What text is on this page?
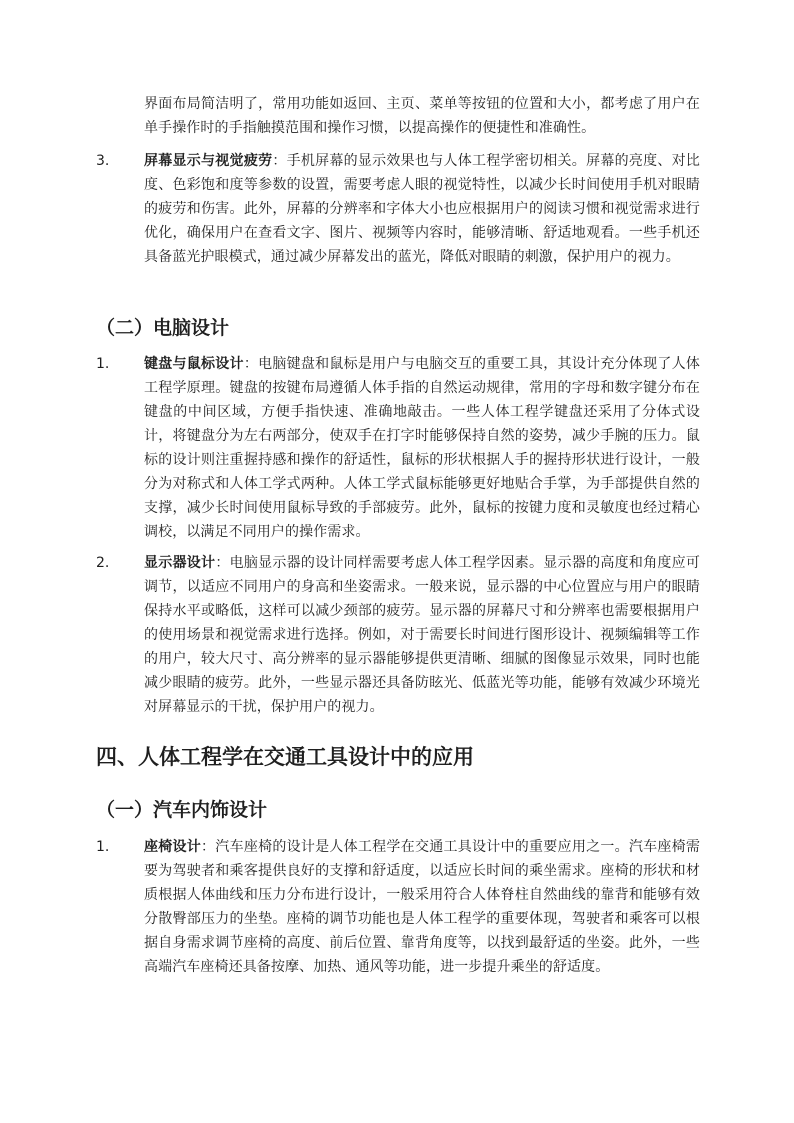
界面布局简洁明了，常用功能如返回、主页、菜单等按钮的位置和大小，都考虑了用户在单手操作时的手指触摸范围和操作习惯，以提高操作的便捷性和准确性。
3. 屏幕显示与视觉疲劳：手机屏幕的显示效果也与人体工程学密切相关。屏幕的亮度、对比度、色彩饱和度等参数的设置，需要考虑人眼的视觉特性，以减少长时间使用手机对眼睛的疲劳和伤害。此外，屏幕的分辨率和字体大小也应根据用户的阅读习惯和视觉需求进行优化，确保用户在查看文字、图片、视频等内容时，能够清晰、舒适地观看。一些手机还具备蓝光护眼模式，通过减少屏幕发出的蓝光，降低对眼睛的刺激，保护用户的视力。
（二）电脑设计
1. 键盘与鼠标设计：电脑键盘和鼠标是用户与电脑交互的重要工具，其设计充分体现了人体工程学原理。键盘的按键布局遵循人体手指的自然运动规律，常用的字母和数字键分布在键盘的中间区域，方便手指快速、准确地敲击。一些人体工程学键盘还采用了分体式设计，将键盘分为左右两部分，使双手在打字时能够保持自然的姿势，减少手腕的压力。鼠标的设计则注重握持感和操作的舒适性，鼠标的形状根据人手的握持形状进行设计，一般分为对称式和人体工学式两种。人体工学式鼠标能够更好地贴合手掌，为手部提供自然的支撑，减少长时间使用鼠标导致的手部疲劳。此外，鼠标的按键力度和灵敏度也经过精心调校，以满足不同用户的操作需求。
2. 显示器设计：电脑显示器的设计同样需要考虑人体工程学因素。显示器的高度和角度应可调节，以适应不同用户的身高和坐姿需求。一般来说，显示器的中心位置应与用户的眼睛保持水平或略低，这样可以减少颈部的疲劳。显示器的屏幕尺寸和分辨率也需要根据用户的使用场景和视觉需求进行选择。例如，对于需要长时间进行图形设计、视频编辑等工作的用户，较大尺寸、高分辨率的显示器能够提供更清晰、细腻的图像显示效果，同时也能减少眼睛的疲劳。此外，一些显示器还具备防眩光、低蓝光等功能，能够有效减少环境光对屏幕显示的干扰，保护用户的视力。
四、人体工程学在交通工具设计中的应用
（一）汽车内饰设计
1. 座椅设计：汽车座椅的设计是人体工程学在交通工具设计中的重要应用之一。汽车座椅需要为驾驶者和乘客提供良好的支撑和舒适度，以适应长时间的乘坐需求。座椅的形状和材质根据人体曲线和压力分布进行设计，一般采用符合人体脊柱自然曲线的靠背和能够有效分散臀部压力的坐垫。座椅的调节功能也是人体工程学的重要体现，驾驶者和乘客可以根据自身需求调节座椅的高度、前后位置、靠背角度等，以找到最舒适的坐姿。此外，一些高端汽车座椅还具备按摩、加热、通风等功能，进一步提升乘坐的舒适度。
